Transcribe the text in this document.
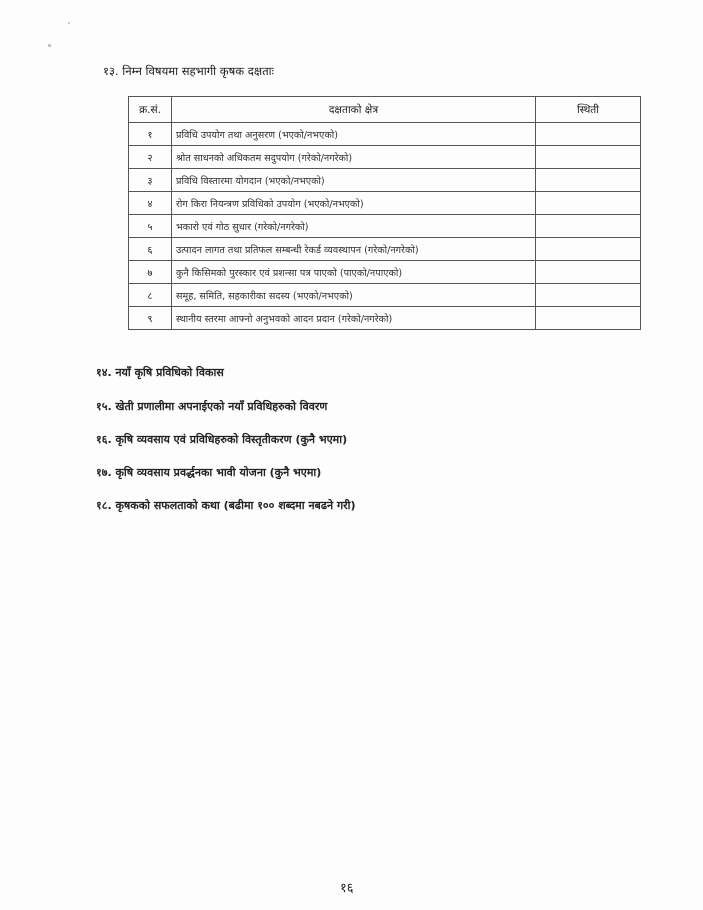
१३. निम्न विषयमा सहभागी कृषक दक्षताः
क्र.सं.	दक्षताको क्षेत्र	स्थिती
१	प्रविधि उपयोग तथा अनुसरण (भएको/नभएको)	
२	श्रोत साधनको अधिकतम सदुपयोग (गरेको/नगरेको)	
३	प्रविधि विस्तारमा योगदान (भएको/नभएको)	
४	रोग किरा नियन्त्रण प्रविधिको उपयोग (भएको/नभएको)	
५	भकारो एवं गोठ सुधार (गरेको/नगरेको)	
६	उत्पादन लागत तथा प्रतिफल सम्बन्धी रेकर्ड व्यवस्थापन (गरेको/नगरेको)	
७	कुनै किसिमको पुरस्कार एवं प्रशन्सा पत्र पाएको (पाएको/नपाएको)	
८	समूह, समिति, सहकारीका सदस्य (भएको/नभएको)	
९	स्थानीय स्तरमा आफ्नो अनुभवको आदन प्रदान (गरेको/नगरेको)	
१४. नयाँ कृषि प्रविधिको विकास
१५. खेती प्रणालीमा अपनाईएको नयाँ प्रविधिहरुको विवरण
१६. कृषि व्यवसाय एवं प्रविधिहरुको विस्तृतीकरण (कुनै भएमा)
१७. कृषि व्यवसाय प्रवर्द्धनका भावी योजना (कुनै भएमा)
१८. कृषकको सफलताको कथा (बढीमा १०० शब्दमा नबढने गरी)
१६
